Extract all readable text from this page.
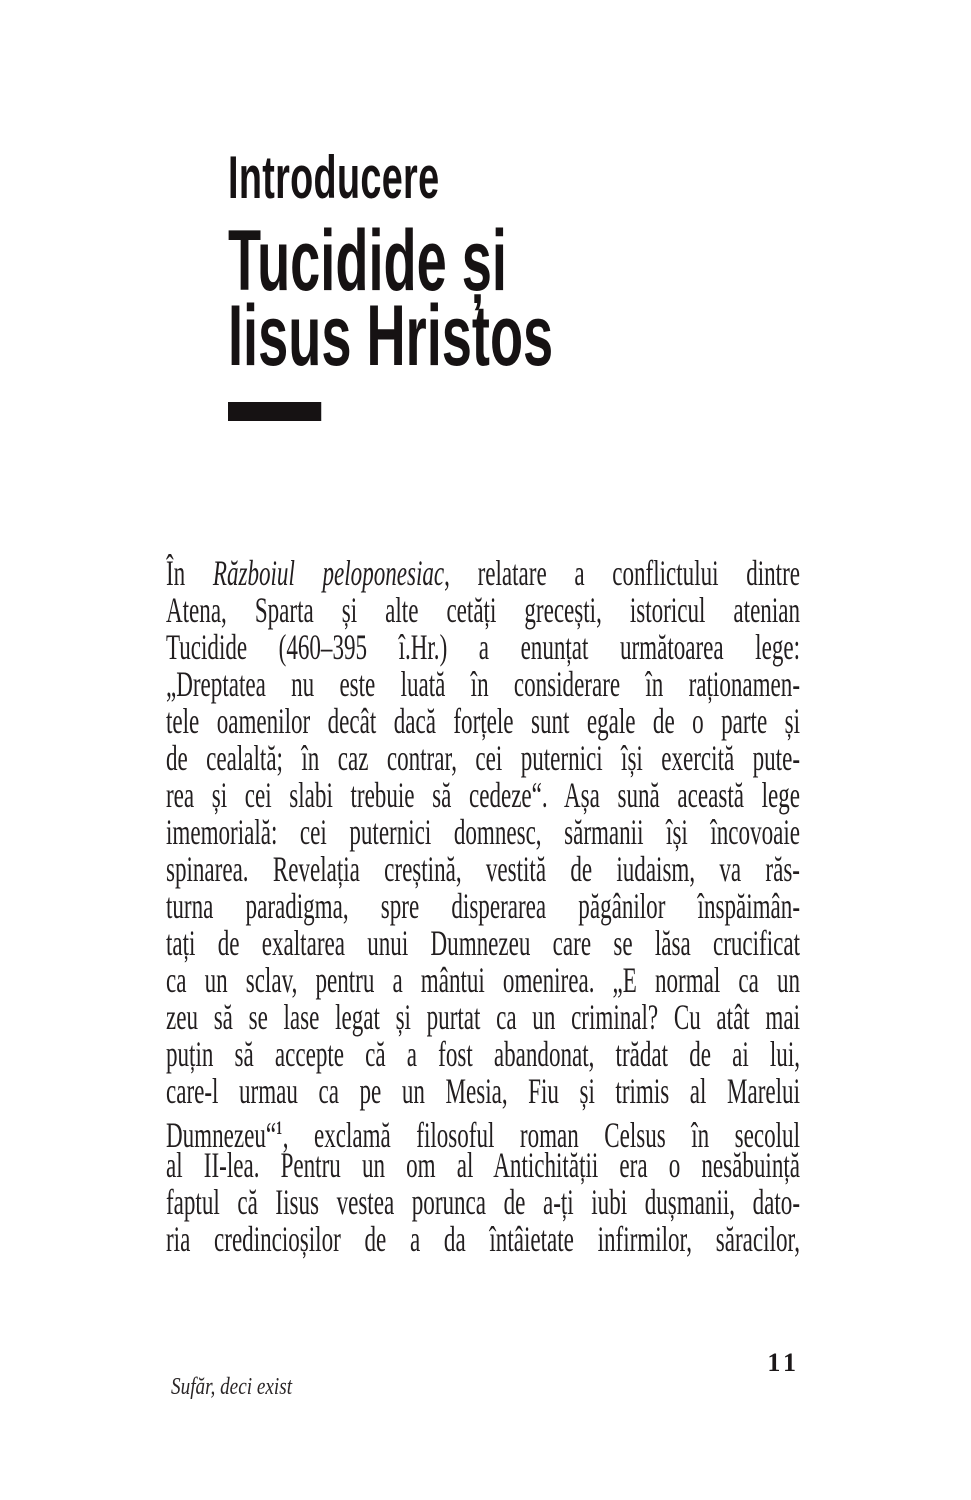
Introducere
Tucidide și
Iisus Hristos
În Războiul peloponesiac, relatare a conflictului dintre
Atena, Sparta și alte cetăți grecești, istoricul atenian
Tucidide (460–395 î.Hr.) a enunțat următoarea lege:
„Dreptatea nu este luată în considerare în raționamen-
tele oamenilor decât dacă forțele sunt egale de o parte și
de cealaltă; în caz contrar, cei puternici își exercită pute-
rea și cei slabi trebuie să cedeze“. Așa sună această lege
imemorială: cei puternici domnesc, sărmanii își încovoaie
spinarea. Revelația creștină, vestită de iudaism, va răs-
turna paradigma, spre disperarea păgânilor înspăimân-
tați de exaltarea unui Dumnezeu care se lăsa crucificat
ca un sclav, pentru a mântui omenirea. „E normal ca un
zeu să se lase legat și purtat ca un criminal? Cu atât mai
puțin să accepte că a fost abandonat, trădat de ai lui,
care-l urmau ca pe un Mesia, Fiu și trimis al Marelui
Dumnezeu“$^1$, exclamă filosoful roman Celsus în secolul
al II-lea. Pentru un om al Antichității era o nesăbuință
faptul că Iisus vestea porunca de a-ți iubi dușmanii, dato-
ria credincioșilor de a da întâietate infirmilor, săracilor,
11
Sufăr, deci exist
